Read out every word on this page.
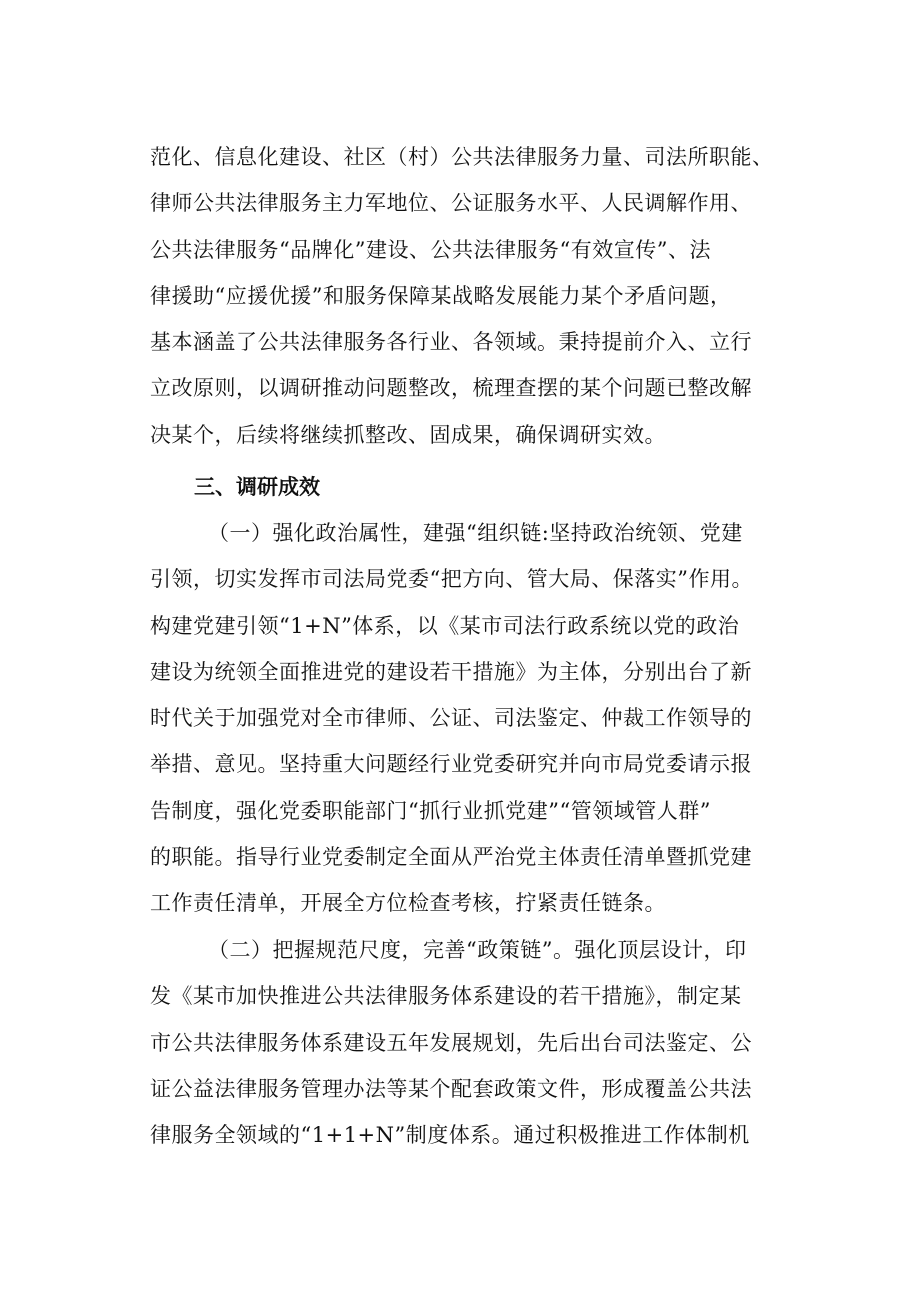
范化、信息化建设、社区（村）公共法律服务力量、司法所职能、
律师公共法律服务主力军地位、公证服务水平、人民调解作用、
公共法律服务“品牌化”建设、公共法律服务“有效宣传”、法
律援助“应援优援”和服务保障某战略发展能力某个矛盾问题，
基本涵盖了公共法律服务各行业、各领域。秉持提前介入、立行
立改原则，以调研推动问题整改，梳理查摆的某个问题已整改解
决某个，后续将继续抓整改、固成果，确保调研实效。
三、调研成效
（一）强化政治属性，建强“组织链:坚持政治统领、党建
引领，切实发挥市司法局党委“把方向、管大局、保落实”作用。
构建党建引领“1+N”体系，以《某市司法行政系统以党的政治
建设为统领全面推进党的建设若干措施》为主体，分别出台了新
时代关于加强党对全市律师、公证、司法鉴定、仲裁工作领导的
举措、意见。坚持重大问题经行业党委研究并向市局党委请示报
告制度，强化党委职能部门“抓行业抓党建”“管领域管人群”
的职能。指导行业党委制定全面从严治党主体责任清单暨抓党建
工作责任清单，开展全方位检查考核，拧紧责任链条。
（二）把握规范尺度，完善“政策链”。强化顶层设计，印
发《某市加快推进公共法律服务体系建设的若干措施》，制定某
市公共法律服务体系建设五年发展规划，先后出台司法鉴定、公
证公益法律服务管理办法等某个配套政策文件，形成覆盖公共法
律服务全领域的“1+1+N”制度体系。通过积极推进工作体制机
